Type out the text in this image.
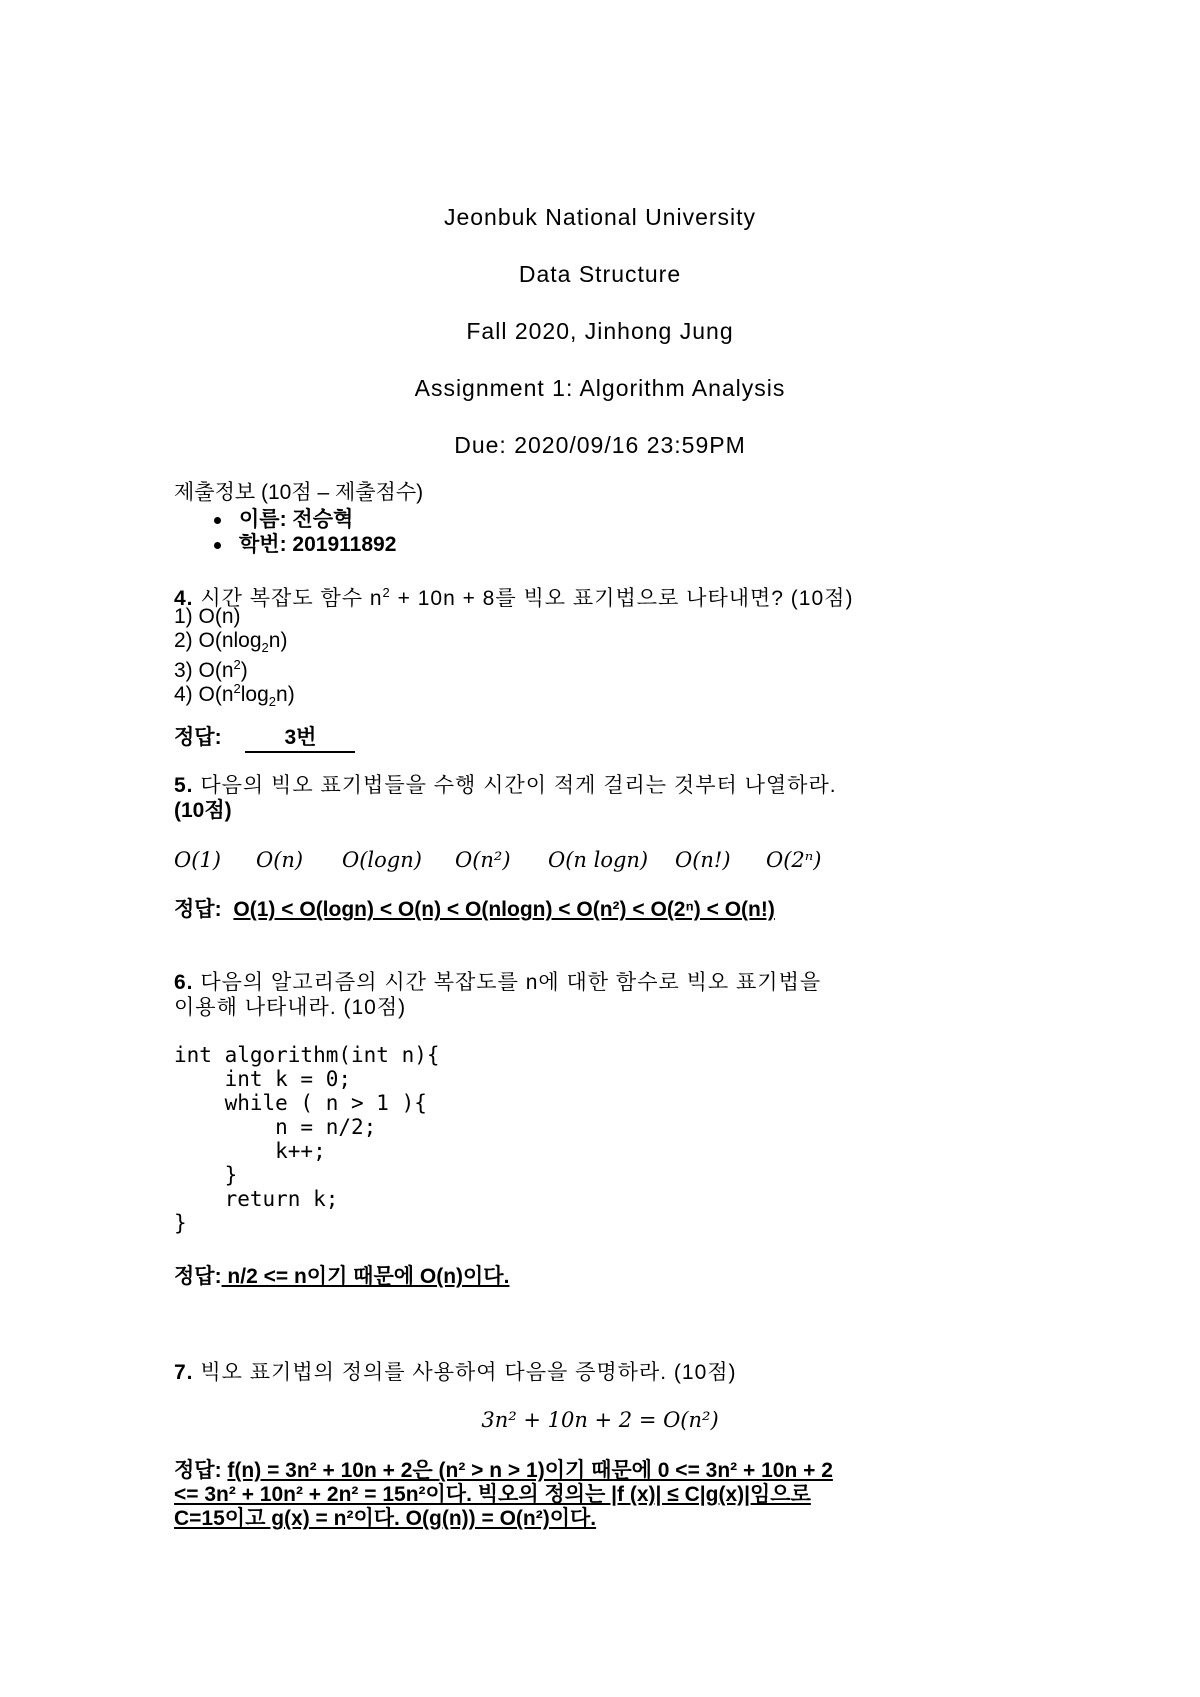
Jeonbuk National University
Data Structure
Fall 2020, Jinhong Jung
Assignment 1: Algorithm Analysis
Due: 2020/09/16 23:59PM
제출정보 (10점 – 제출점수)
이름: 전승혁
학번: 201911892
4. 시간 복잡도 함수 $n^2 + 10n + 8$를 빅오 표기법으로 나타내면? (10점)
1) O(n)
2) O(nlog$_2$n)
3) $O(n^2)$
4) $O(n^2\log_2n)$
정답:	3번
5. 다음의 빅오 표기법들을 수행 시간이 적게 걸리는 것부터 나열하라.
(10점)
O(1) O(n) O(logn) O(n²) O(n logn) O(n!) O(2ⁿ)
정답: O(1) < O(logn) < O(n) < O(nlogn) < O(n²) < O(2ⁿ) < O(n!)
6. 다음의 알고리즘의 시간 복잡도를 n에 대한 함수로 빅오 표기법을
이용해 나타내라. (10점)
int algorithm(int n){
int k = 0;
while ( n > 1 ){
n = n/2;
k++;
}
return k;
}
정답: n/2 <= n이기 때문에 O(n)이다.
7. 빅오 표기법의 정의를 사용하여 다음을 증명하라. (10점)
3n² + 10n + 2 = O(n²)
정답: f(n) = 3n² + 10n + 2은 (n² > n > 1)이기 때문에 0 <= 3n² + 10n + 2
<= 3n² + 10n² + 2n² = 15n²이다. 빅오의 정의는 |f (x)| ≤ C|g(x)|임으로
C=15이고 g(x) = n²이다. O(g(n)) = O(n²)이다.
